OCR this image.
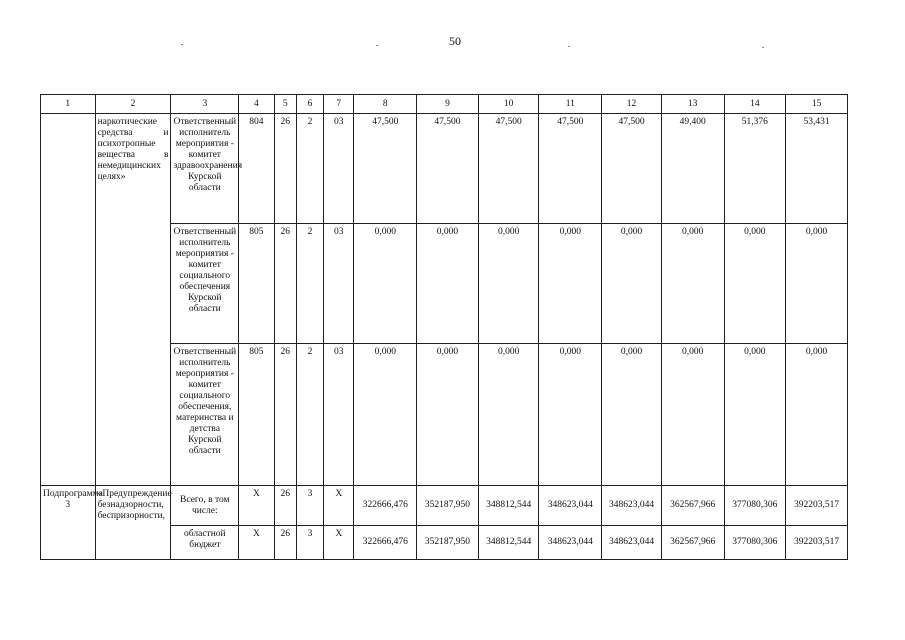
50
1	2	3	4	5	6	7	8	9	10	11	12	13	14	15
	наркотические средства и психотропные вещества в немедицинских целях»	Ответственный исполнитель мероприятия - комитет здравоохранения Курской области	804	26	2	03	47,500	47,500	47,500	47,500	47,500	49,400	51,376	53,431
		Ответственный исполнитель мероприятия - комитет социального обеспечения Курской области	805	26	2	03	0,000	0,000	0,000	0,000	0,000	0,000	0,000	0,000
		Ответственный исполнитель мероприятия - комитет социального обеспечения, материнства и детства Курской области	805	26	2	03	0,000	0,000	0,000	0,000	0,000	0,000	0,000	0,000
Подпрограмма 3	«Предупреждение безнадзорности, беспризорности,	Всего, в том числе:	X	26	3	X	322666,476	352187,950	348812,544	348623,044	348623,044	362567,966	377080,306	392203,517
		областной бюджет	X	26	3	X	322666,476	352187,950	348812,544	348623,044	348623,044	362567,966	377080,306	392203,517
